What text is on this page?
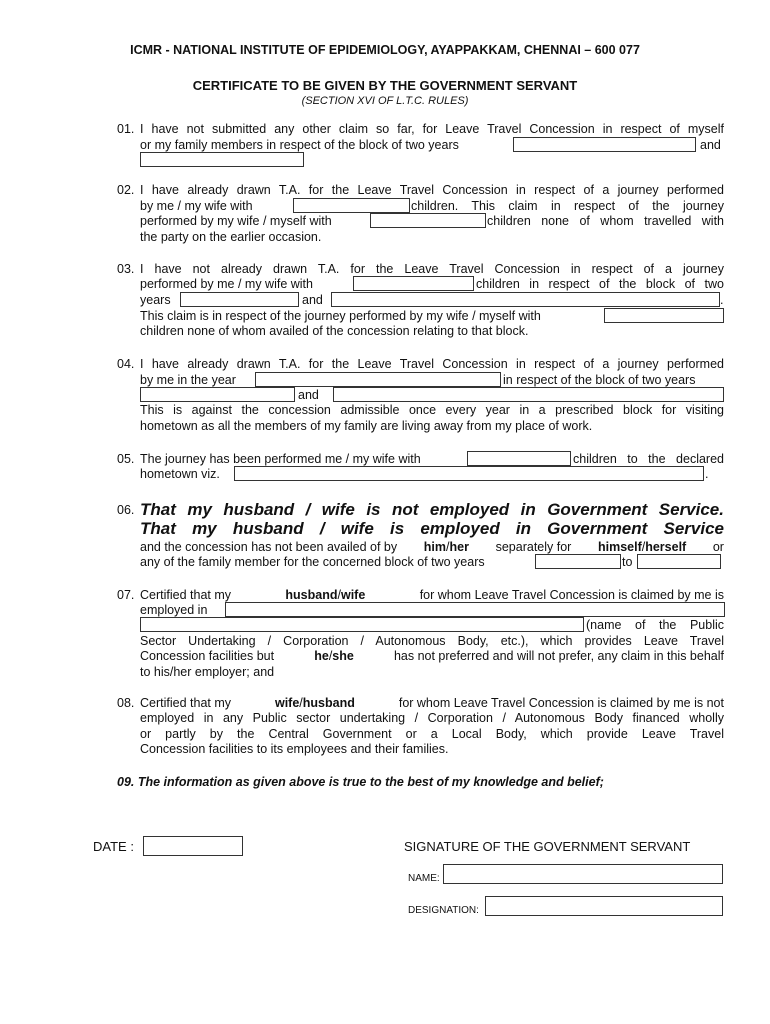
ICMR - NATIONAL INSTITUTE OF EPIDEMIOLOGY, AYAPPAKKAM, CHENNAI – 600 077
CERTIFICATE TO BE GIVEN BY THE GOVERNMENT SERVANT
(SECTION XVI OF L.T.C. RULES)
01. I have not submitted any other claim so far, for Leave Travel Concession in respect of myself
or my family members in respect of the block of two years	and
02. I have already drawn T.A. for the Leave Travel Concession in respect of a journey performed
by me / my wife with	children. This claim in respect of the journey
performed by my wife / myself with	children none of whom travelled with
the party on the earlier occasion.
03. I have not already drawn T.A. for the Leave Travel Concession in respect of a journey
performed by me / my wife with	children in respect of the block of two
years	and	.
This claim is in respect of the journey performed by my wife / myself with
children none of whom availed of the concession relating to that block.
04. I have already drawn T.A. for the Leave Travel Concession in respect of a journey performed
by me in the year	in respect of the block of two years
and
This is against the concession admissible once every year in a prescribed block for visiting
hometown as all the members of my family are living away from my place of work.
05. The journey has been performed me / my wife with	children to the declared
hometown viz.	.
06. That my husband / wife is not employed in Government Service.
That my husband / wife is employed in Government Service
and the concession has not been availed of by him/her separately for himself/herself or
any of the family member for the concerned block of two years	to
07. Certified that my	husband/wife	for whom Leave Travel Concession is claimed by me is
employed in
(name of the Public
Sector Undertaking / Corporation / Autonomous Body, etc.), which provides Leave Travel
Concession facilities but	he/she	has not preferred and will not prefer, any claim in this behalf
to his/her employer; and
08. Certified that my	wife/husband	for whom Leave Travel Concession is claimed by me is not
employed in any Public sector undertaking / Corporation / Autonomous Body financed wholly
or partly by the Central Government or a Local Body, which provide Leave Travel
Concession facilities to its employees and their families.
09. The information as given above is true to the best of my knowledge and belief;
DATE :	SIGNATURE OF THE GOVERNMENT SERVANT
NAME:
DESIGNATION:
